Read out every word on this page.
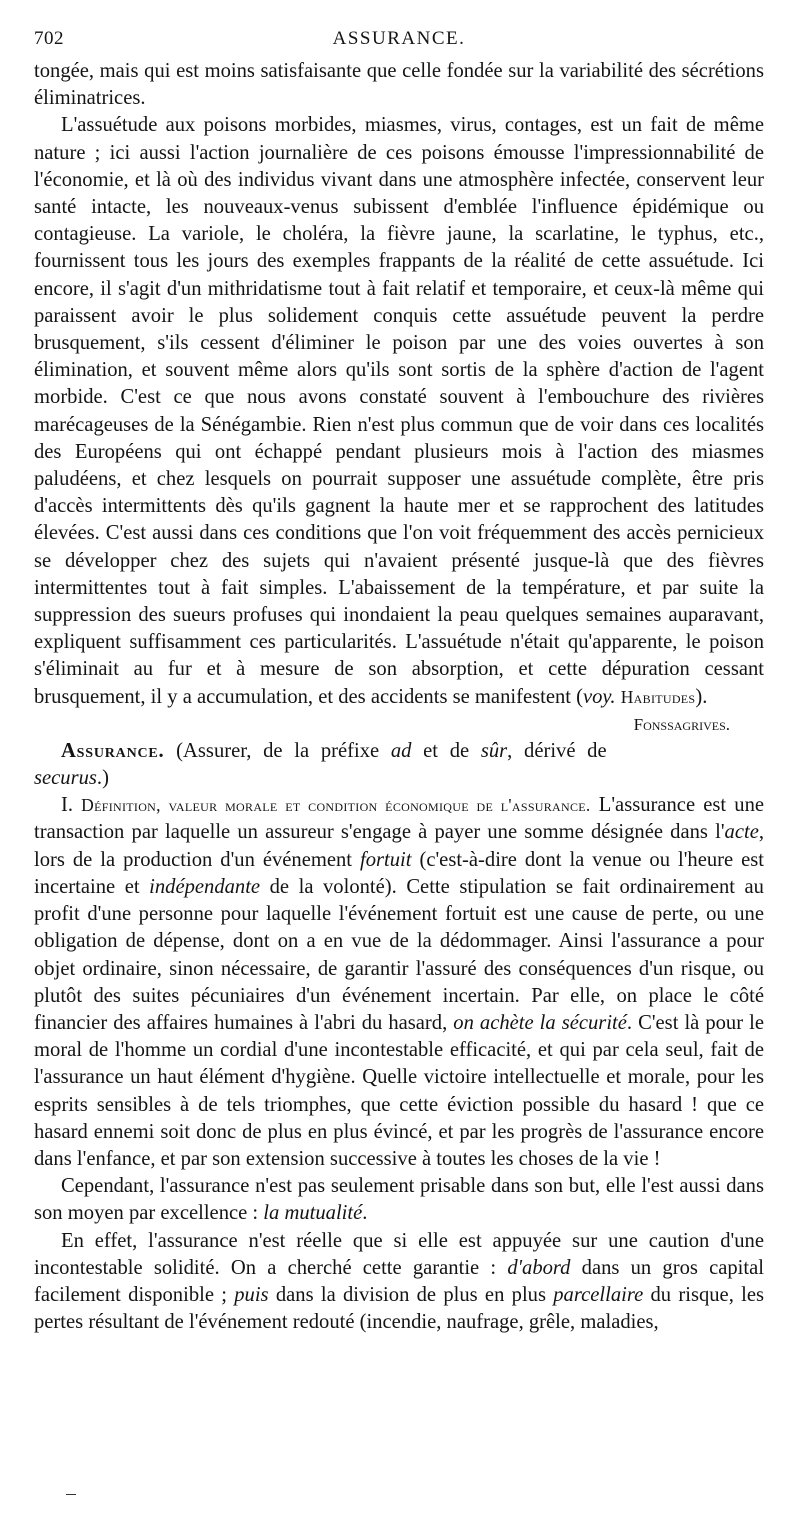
702	ASSURANCE.

tongée, mais qui est moins satisfaisante que celle fondée sur la variabilité des sécrétions éliminatrices.

L'assuétude aux poisons morbides, miasmes, virus, contages, est un fait de même nature ; ici aussi l'action journalière de ces poisons émousse l'impressionnabilité de l'économie, et là où des individus vivant dans une atmosphère infectée, conservent leur santé intacte, les nouveaux-venus subissent d'emblée l'influence épidémique ou contagieuse. La variole, le choléra, la fièvre jaune, la scarlatine, le typhus, etc., fournissent tous les jours des exemples frappants de la réalité de cette assuétude. Ici encore, il s'agit d'un mithridatisme tout à fait relatif et temporaire, et ceux-là même qui paraissent avoir le plus solidement conquis cette assuétude peuvent la perdre brusquement, s'ils cessent d'éliminer le poison par une des voies ouvertes à son élimination, et souvent même alors qu'ils sont sortis de la sphère d'action de l'agent morbide. C'est ce que nous avons constaté souvent à l'embouchure des rivières marécageuses de la Sénégambie. Rien n'est plus commun que de voir dans ces localités des Européens qui ont échappé pendant plusieurs mois à l'action des miasmes paludéens, et chez lesquels on pourrait supposer une assuétude complète, être pris d'accès intermittents dès qu'ils gagnent la haute mer et se rapprochent des latitudes élevées. C'est aussi dans ces conditions que l'on voit fréquemment des accès pernicieux se développer chez des sujets qui n'avaient présenté jusque-là que des fièvres intermittentes tout à fait simples. L'abaissement de la température, et par suite la suppression des sueurs profuses qui inondaient la peau quelques semaines auparavant, expliquent suffisamment ces particularités. L'assuétude n'était qu'apparente, le poison s'éliminait au fur et à mesure de son absorption, et cette dépuration cessant brusquement, il y a accumulation, et des accidents se manifestent (voy. Habitudes).
Fonssagrives.

Assurance. (Assurer, de la préfixe ad et de sûr, dérivé de securus.)

I. Définition, valeur morale et condition économique de l'assurance. L'assurance est une transaction par laquelle un assureur s'engage à payer une somme désignée dans l'acte, lors de la production d'un événement fortuit (c'est-à-dire dont la venue ou l'heure est incertaine et indépendante de la volonté). Cette stipulation se fait ordinairement au profit d'une personne pour laquelle l'événement fortuit est une cause de perte, ou une obligation de dépense, dont on a en vue de la dédommager. Ainsi l'assurance a pour objet ordinaire, sinon nécessaire, de garantir l'assuré des conséquences d'un risque, ou plutôt des suites pécuniaires d'un événement incertain. Par elle, on place le côté financier des affaires humaines à l'abri du hasard, on achète la sécurité. C'est là pour le moral de l'homme un cordial d'une incontestable efficacité, et qui par cela seul, fait de l'assurance un haut élément d'hygiène. Quelle victoire intellectuelle et morale, pour les esprits sensibles à de tels triomphes, que cette éviction possible du hasard ! que ce hasard ennemi soit donc de plus en plus évincé, et par les progrès de l'assurance encore dans l'enfance, et par son extension successive à toutes les choses de la vie !

Cependant, l'assurance n'est pas seulement prisable dans son but, elle l'est aussi dans son moyen par excellence : la mutualité.

En effet, l'assurance n'est réelle que si elle est appuyée sur une caution d'une incontestable solidité. On a cherché cette garantie : d'abord dans un gros capital facilement disponible ; puis dans la division de plus en plus parcellaire du risque, les pertes résultant de l'événement redouté (incendie, naufrage, grêle, maladies,
